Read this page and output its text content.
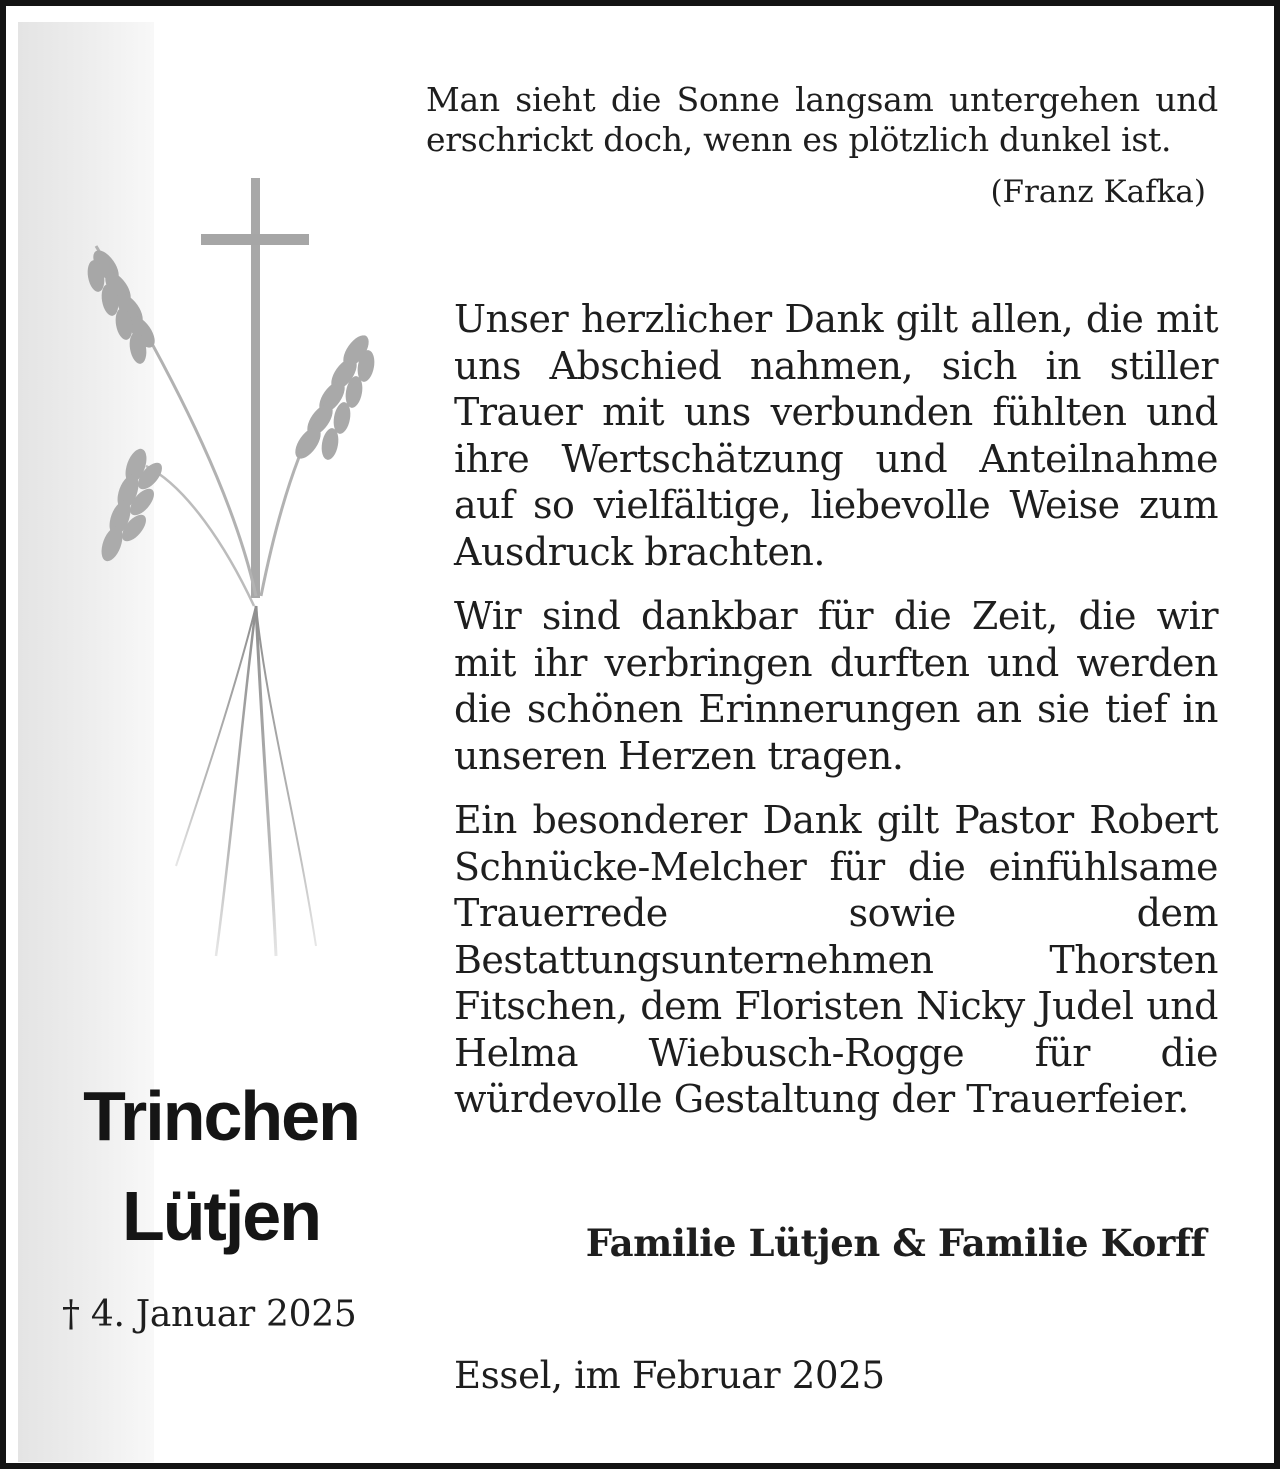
Man sieht die Sonne langsam untergehen und erschrickt doch, wenn es plötzlich dunkel ist.
(Franz Kafka)

Unser herzlicher Dank gilt allen, die mit uns Abschied nahmen, sich in stiller Trauer mit uns verbunden fühlten und ihre Wertschätzung und Anteilnahme auf so vielfältige, liebevolle Weise zum Ausdruck brachten.

Wir sind dankbar für die Zeit, die wir mit ihr verbringen durften und werden die schönen Erinnerungen an sie tief in unseren Herzen tragen.

Ein besonderer Dank gilt Pastor Robert Schnücke-Melcher für die einfühlsame Trauerrede sowie dem Bestattungsunternehmen Thorsten Fitschen, dem Floristen Nicky Judel und Helma Wiebusch-Rogge für die würdevolle Gestaltung der Trauerfeier.

Familie Lütjen & Familie Korff
Essel, im Februar 2025
Trinchen
Lütjen
† 4. Januar 2025
